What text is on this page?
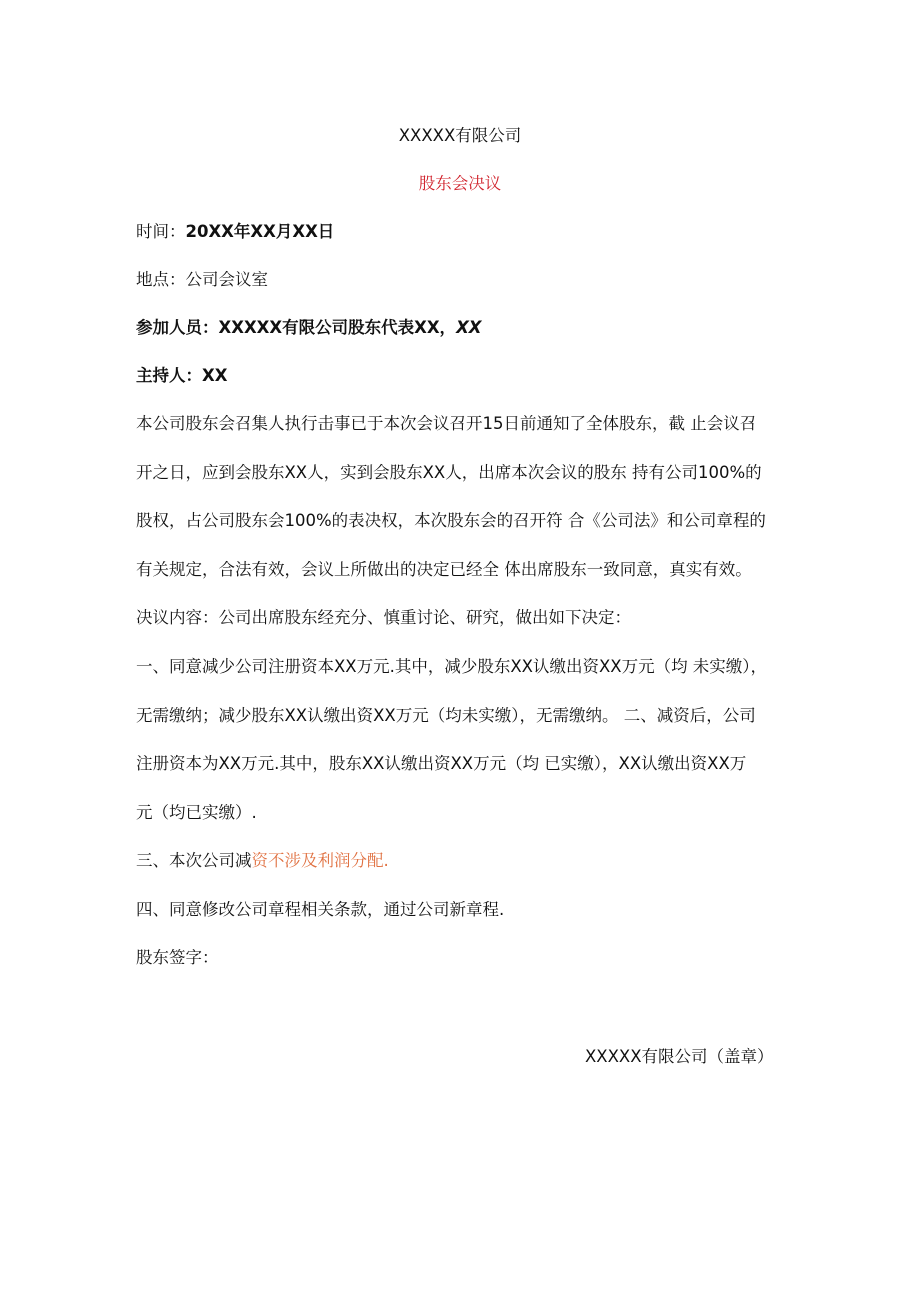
XXXXX有限公司
股东会决议
时间：20XX年XX月XX日
地点：公司会议室
参加人员：XXXXX有限公司股东代表XX，XX
主持人：XX
本公司股东会召集人执行击事已于本次会议召开15日前通知了全体股东，截 止会议召
开之日，应到会股东XX人，实到会股东XX人，出席本次会议的股东 持有公司100%的
股权，占公司股东会100%的表决权，本次股东会的召开符 合《公司法》和公司章程的
有关规定，合法有效，会议上所做出的决定已经全 体出席股东一致同意，真实有效。
决议内容：公司出席股东经充分、慎重讨论、研究，做出如下决定：
一、同意减少公司注册资本XX万元.其中，减少股东XX认缴出资XX万元（均 未实缴），
无需缴纳；减少股东XX认缴出资XX万元（均未实缴），无需缴纳。 二、减资后，公司
注册资本为XX万元.其中，股东XX认缴出资XX万元（均 已实缴），XX认缴出资XX万
元（均已实缴）.
三、本次公司减资不涉及利润分配.
四、同意修改公司章程相关条款，通过公司新章程.
股东签字：
XXXXX有限公司（盖章）
